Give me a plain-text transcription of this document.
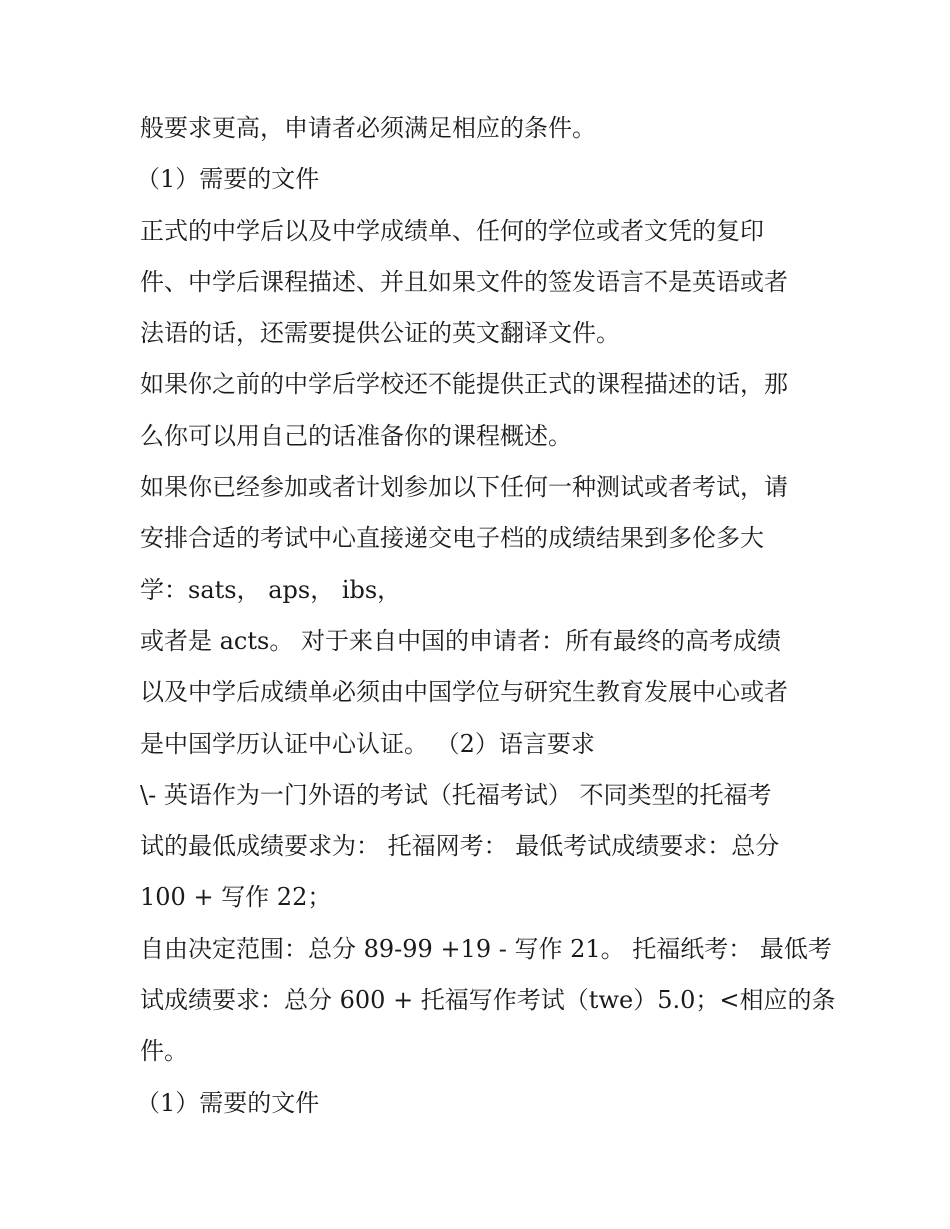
般要求更高，申请者必须满足相应的条件。
（1）需要的文件
正式的中学后以及中学成绩单、任何的学位或者文凭的复印
件、中学后课程描述、并且如果文件的签发语言不是英语或者
法语的话，还需要提供公证的英文翻译文件。
如果你之前的中学后学校还不能提供正式的课程描述的话，那
么你可以用自己的话准备你的课程概述。
如果你已经参加或者计划参加以下任何一种测试或者考试，请
安排合适的考试中心直接递交电子档的成绩结果到多伦多大
学：sats， aps， ibs，
或者是 acts。 对于来自中国的申请者：所有最终的高考成绩
以及中学后成绩单必须由中国学位与研究生教育发展中心或者
是中国学历认证中心认证。 （2）语言要求
\- 英语作为一门外语的考试（托福考试） 不同类型的托福考
试的最低成绩要求为： 托福网考： 最低考试成绩要求：总分
100 + 写作 22；
自由决定范围：总分 89-99 +19 - 写作 21。 托福纸考： 最低考
试成绩要求：总分 600 + 托福写作考试（twe）5.0；<相应的条
件。
（1）需要的文件
